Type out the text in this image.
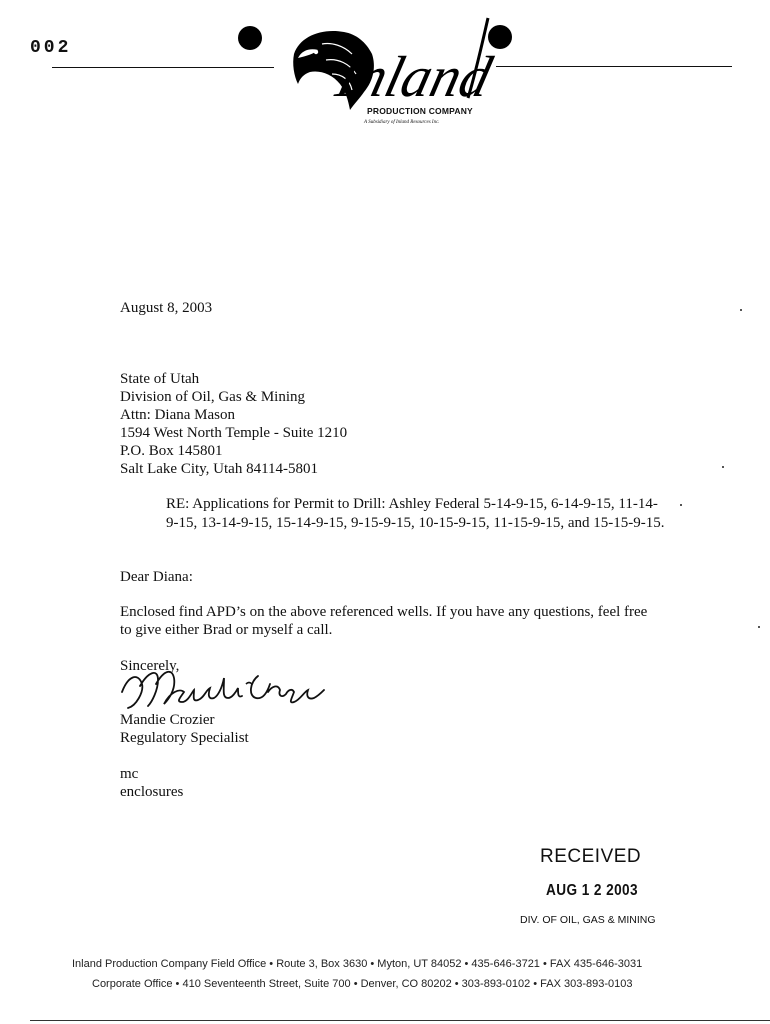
002	Inland
PRODUCTION COMPANY
A Subsidiary of Inland Resources Inc.
August 8, 2003
State of Utah
Division of Oil, Gas & Mining
Attn: Diana Mason
1594 West North Temple - Suite 1210
P.O. Box 145801
Salt Lake City, Utah 84114-5801
RE: Applications for Permit to Drill: Ashley Federal 5-14-9-15, 6-14-9-15, 11-14-9-15, 13-14-9-15, 15-14-9-15, 9-15-9-15, 10-15-9-15, 11-15-9-15, and 15-15-9-15.
Dear Diana:
Enclosed find APD’s on the above referenced wells. If you have any questions, feel free
to give either Brad or myself a call.
Sincerely,
Mandie Crozier
Regulatory Specialist
mc
enclosures
RECEIVED
AUG 1 2 2003
DIV. OF OIL, GAS & MINING
Inland Production Company Field Office • Route 3, Box 3630 • Myton, UT 84052 • 435-646-3721 • FAX 435-646-3031
Corporate Office • 410 Seventeenth Street, Suite 700 • Denver, CO 80202 • 303-893-0102 • FAX 303-893-0103
